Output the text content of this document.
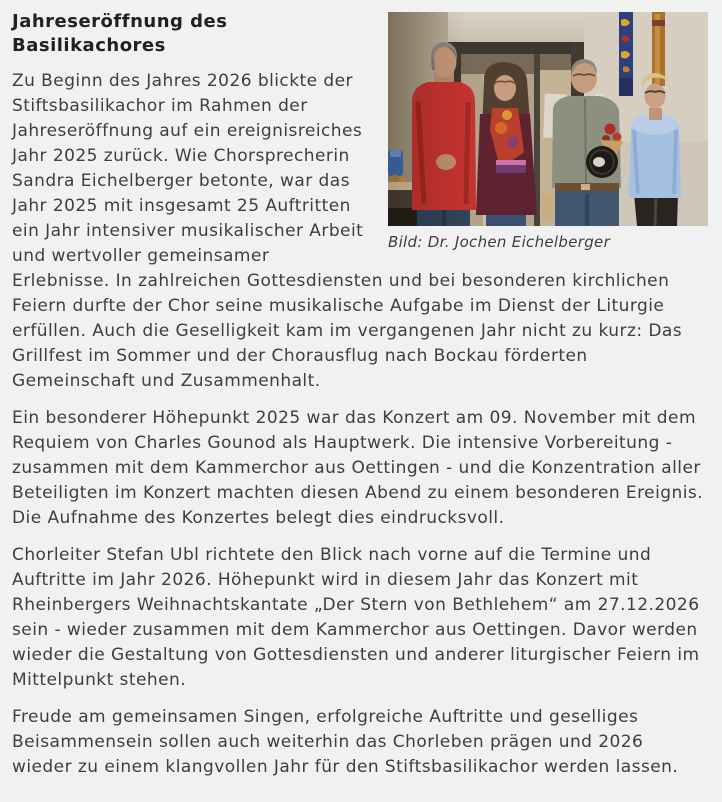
Bild: Dr. Jochen Eichelberger
Jahreseröffnung des Basilikachores

Zu Beginn des Jahres 2026 blickte der Stiftsbasilikachor im Rahmen der Jahreseröffnung auf ein ereignisreiches Jahr 2025 zurück. Wie Chorsprecherin Sandra Eichelberger betonte, war das Jahr 2025 mit insgesamt 25 Auftritten ein Jahr intensiver musikalischer Arbeit und wertvoller gemeinsamer Erlebnisse. In zahlreichen Gottesdiensten und bei besonderen kirchlichen Feiern durfte der Chor seine musikalische Aufgabe im Dienst der Liturgie erfüllen. Auch die Geselligkeit kam im vergangenen Jahr nicht zu kurz: Das Grillfest im Sommer und der Chorausflug nach Bockau förderten Gemeinschaft und Zusammenhalt.

Ein besonderer Höhepunkt 2025 war das Konzert am 09. November mit dem Requiem von Charles Gounod als Hauptwerk. Die intensive Vorbereitung - zusammen mit dem Kammerchor aus Oettingen - und die Konzentration aller Beteiligten im Konzert machten diesen Abend zu einem besonderen Ereignis. Die Aufnahme des Konzertes belegt dies eindrucksvoll.

Chorleiter Stefan Ubl richtete den Blick nach vorne auf die Termine und Auftritte im Jahr 2026. Höhepunkt wird in diesem Jahr das Konzert mit Rheinbergers Weihnachtskantate „Der Stern von Bethlehem“ am 27.12.2026 sein - wieder zusammen mit dem Kammerchor aus Oettingen. Davor werden wieder die Gestaltung von Gottesdiensten und anderer liturgischer Feiern im Mittelpunkt stehen.

Freude am gemeinsamen Singen, erfolgreiche Auftritte und geselliges Beisammensein sollen auch weiterhin das Chorleben prägen und 2026 wieder zu einem klangvollen Jahr für den Stiftsbasilikachor werden lassen.
